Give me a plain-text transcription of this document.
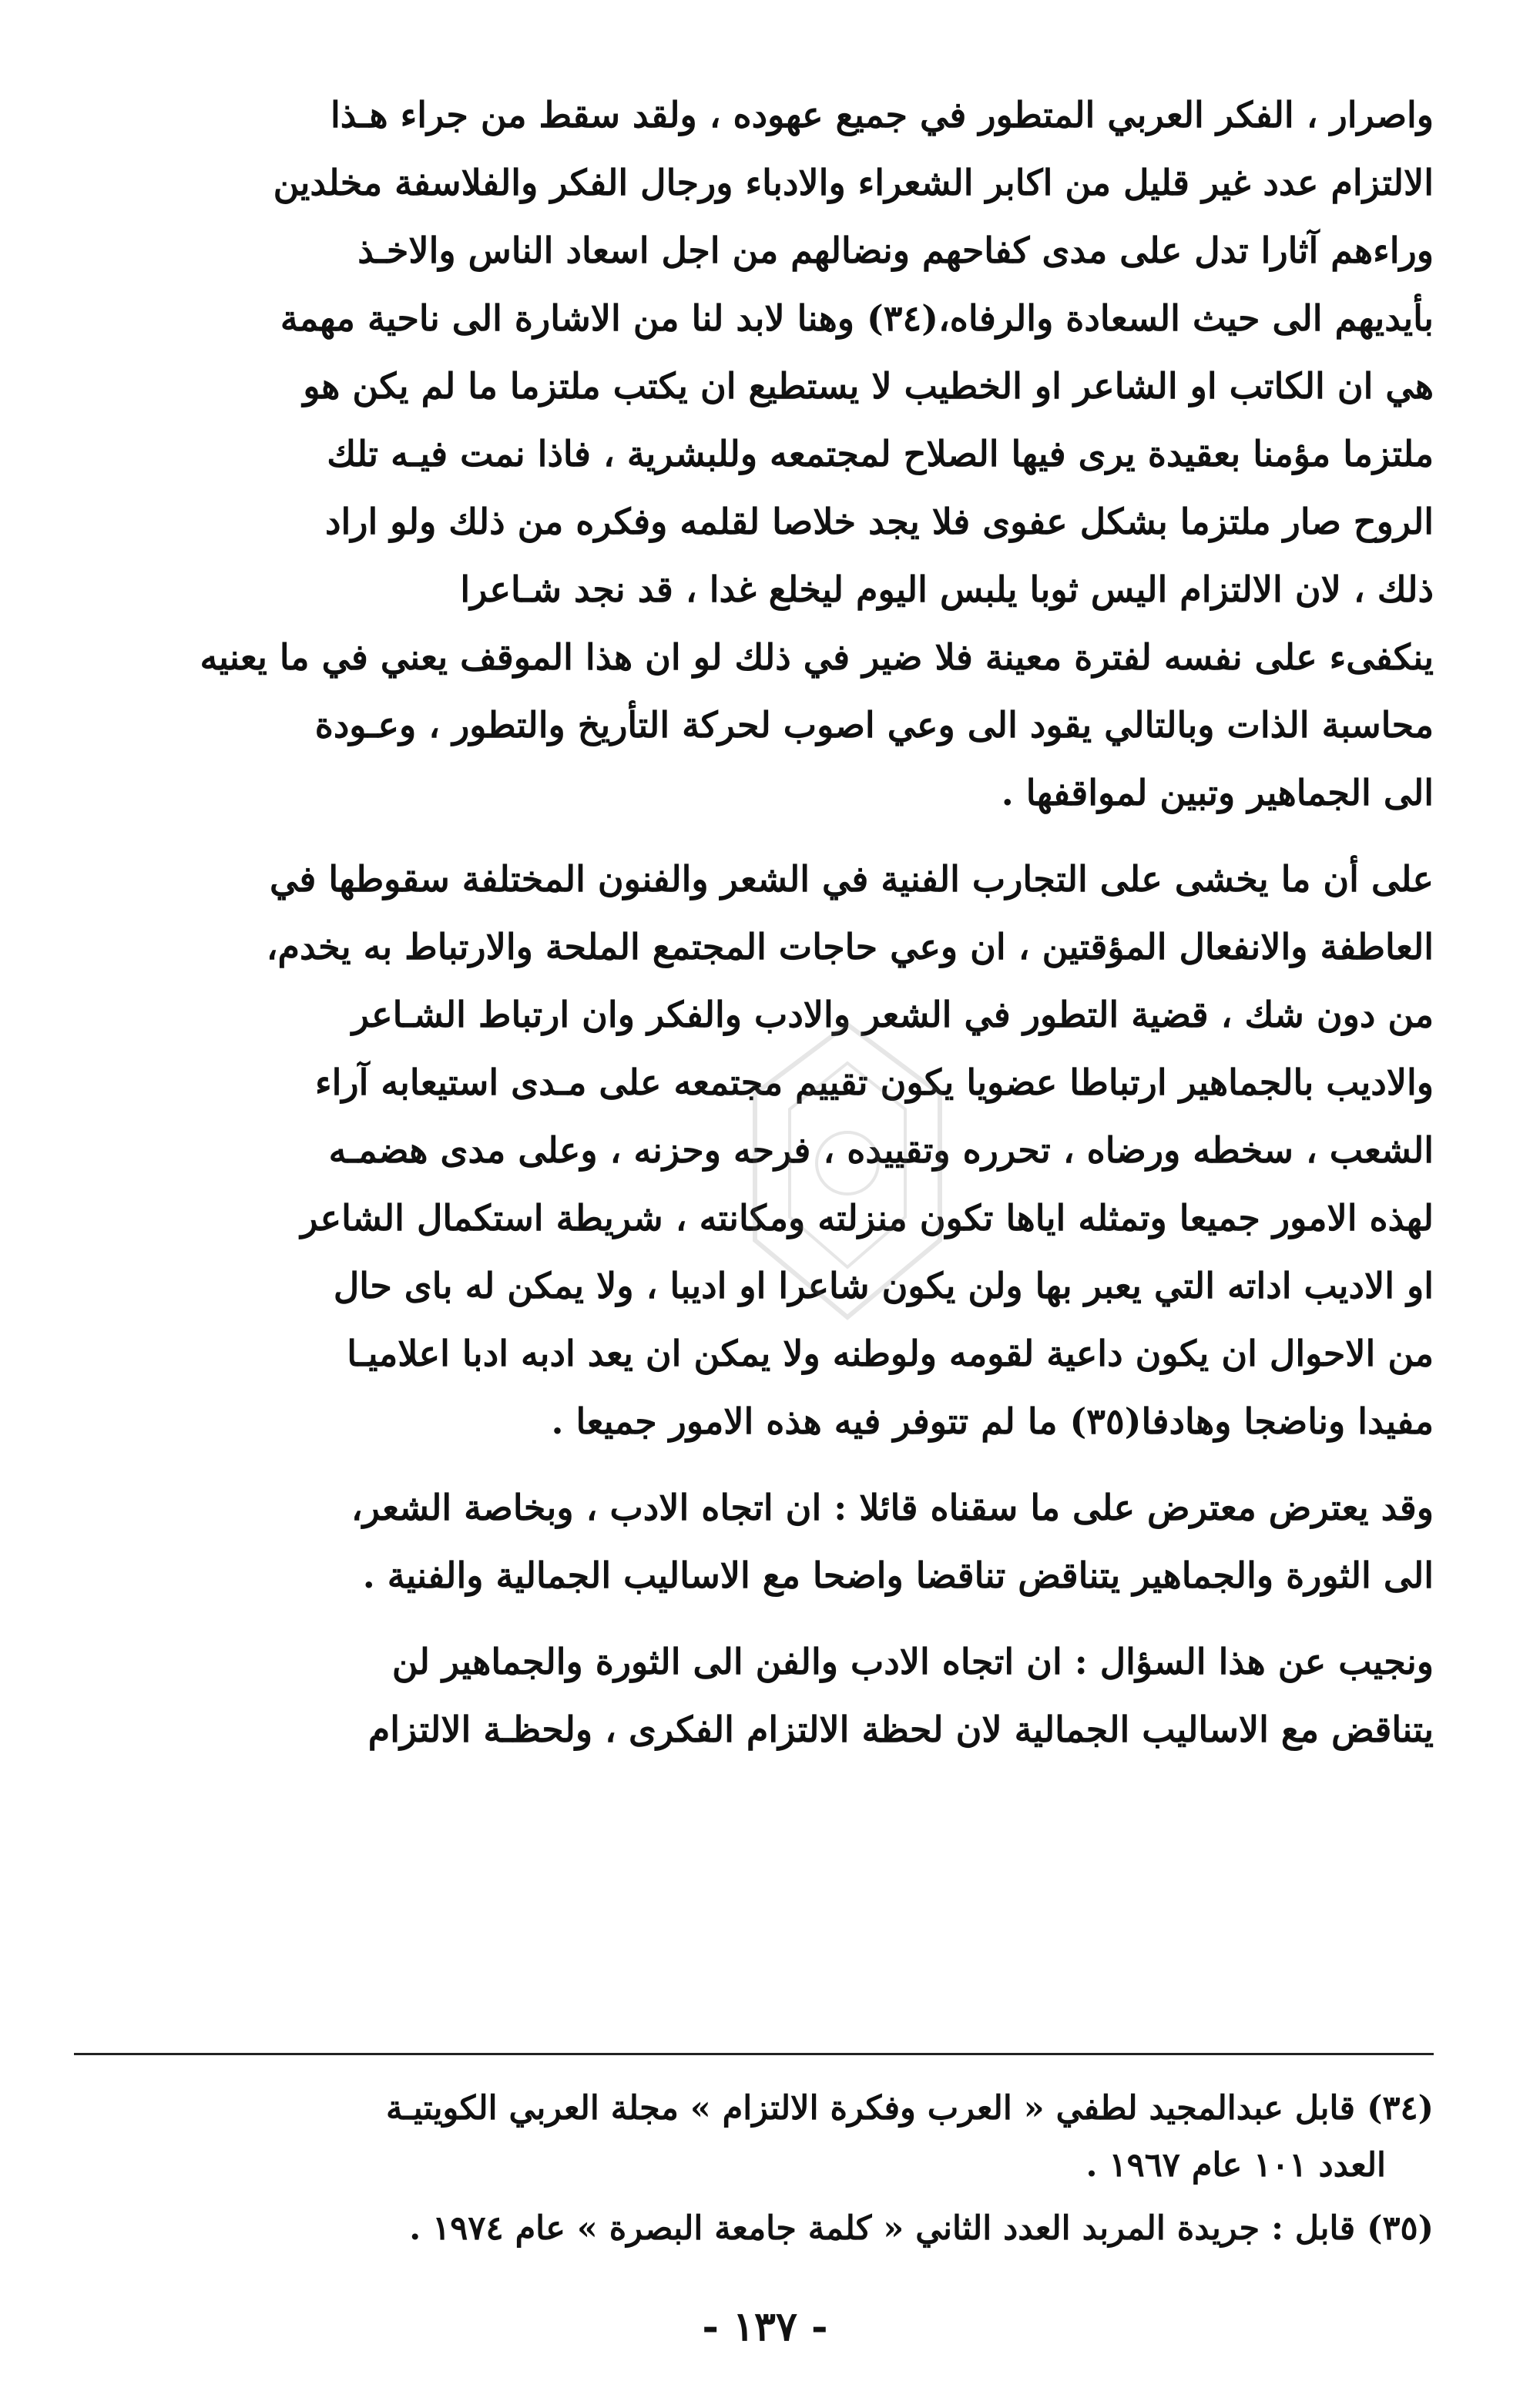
واصرار ، الفكر العربي المتطور في جميع عهوده ، ولقد سقط من جراء هـذا
الالتزام عدد غير قليل من اكابر الشعراء والادباء ورجال الفكر والفلاسفة مخلدين
وراءهم آثارا تدل على مدى كفاحهم ونضالهم من اجل اسعاد الناس والاخـذ
بأيديهم الى حيث السعادة والرفاه،(٣٤) وهنا لابد لنا من الاشارة الى ناحية مهمة
هي ان الكاتب او الشاعر او الخطيب لا يستطيع ان يكتب ملتزما ما لم يكن هو
ملتزما مؤمنا بعقيدة يرى فيها الصلاح لمجتمعه وللبشرية ، فاذا نمت فيـه تلك
الروح صار ملتزما بشكل عفوى فلا يجد خلاصا لقلمه وفكره من ذلك ولو اراد
ذلك ، لان الالتزام اليس ثوبا يلبس اليوم ليخلع غدا ، قد نجد شـاعرا
ينكفىء على نفسه لفترة معينة فلا ضير في ذلك لو ان هذا الموقف يعني في ما يعنيه
محاسبة الذات وبالتالي يقود الى وعي اصوب لحركة التأريخ والتطور ، وعـودة
الى الجماهير وتبين لمواقفها .

على أن ما يخشى على التجارب الفنية في الشعر والفنون المختلفة سقوطها في
العاطفة والانفعال المؤقتين ، ان وعي حاجات المجتمع الملحة والارتباط به يخدم،
من دون شك ، قضية التطور في الشعر والادب والفكر وان ارتباط الشـاعر
والاديب بالجماهير ارتباطا عضويا يكون تقييم مجتمعه على مـدى استيعابه آراء
الشعب ، سخطه ورضاه ، تحرره وتقييده ، فرحه وحزنه ، وعلى مدى هضمـه
لهذه الامور جميعا وتمثله اياها تكون منزلته ومكانته ، شريطة استكمال الشاعر
او الاديب اداته التي يعبر بها ولن يكون شاعرا او اديبا ، ولا يمكن له باى حال
من الاحوال ان يكون داعية لقومه ولوطنه ولا يمكن ان يعد ادبه ادبا اعلاميـا
مفيدا وناضجا وهادفا(٣٥) ما لم تتوفر فيه هذه الامور جميعا .

وقد يعترض معترض على ما سقناه قائلا : ان اتجاه الادب ، وبخاصة الشعر،
الى الثورة والجماهير يتناقض تناقضا واضحا مع الاساليب الجمالية والفنية .

ونجيب عن هذا السؤال : ان اتجاه الادب والفن الى الثورة والجماهير لن
يتناقض مع الاساليب الجمالية لان لحظة الالتزام الفكرى ، ولحظـة الالتزام

(٣٤) قابل عبدالمجيد لطفي « العرب وفكرة الالتزام » مجلة العربي الكويتيـة
العدد ١٠١ عام ١٩٦٧ .

(٣٥) قابل : جريدة المربد العدد الثاني « كلمة جامعة البصرة » عام ١٩٧٤ .

- ١٣٧ -
